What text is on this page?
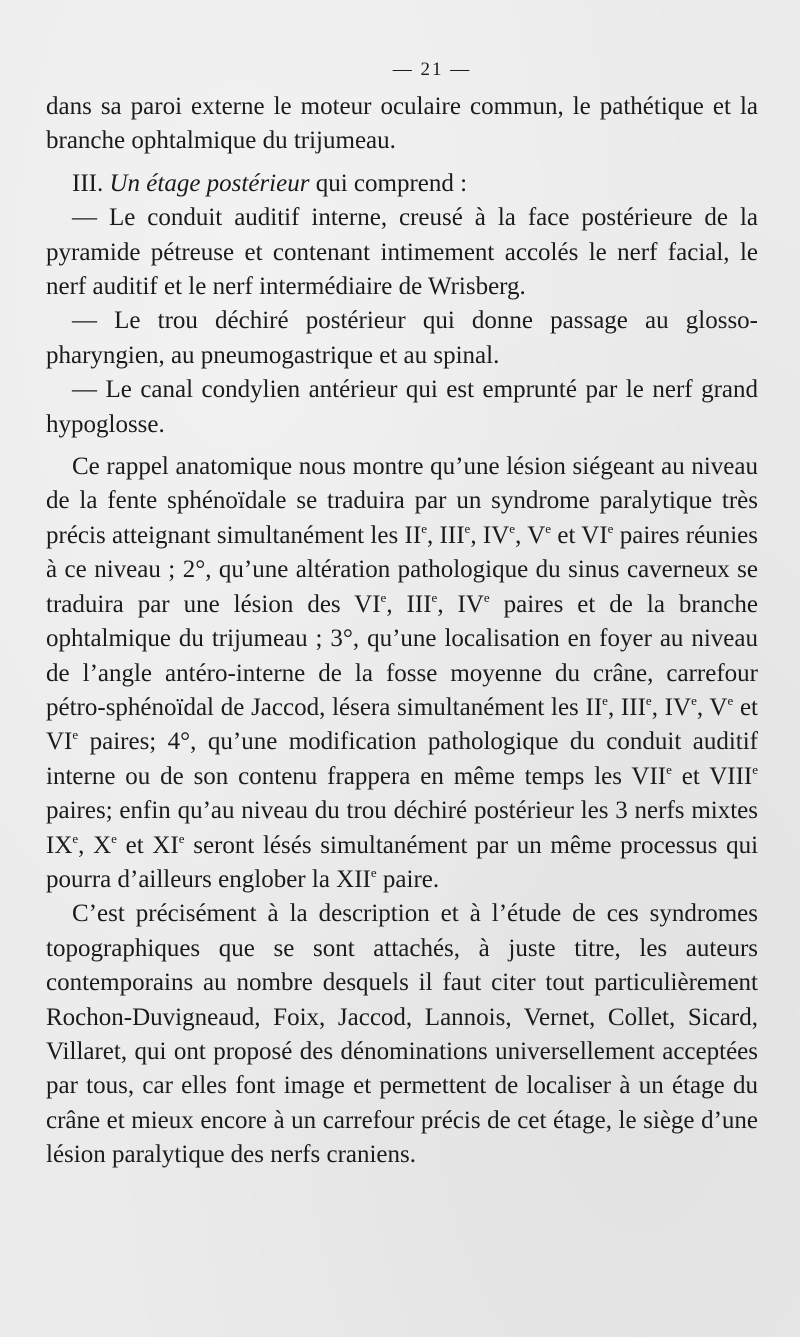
— 21 —

dans sa paroi externe le moteur oculaire commun, le pathétique et la branche ophtalmique du trijumeau.

III. Un étage postérieur qui comprend :

— Le conduit auditif interne, creusé à la face postérieure de la pyramide pétreuse et contenant intimement accolés le nerf facial, le nerf auditif et le nerf intermédiaire de Wrisberg.

— Le trou déchiré postérieur qui donne passage au glosso-pharyngien, au pneumogastrique et au spinal.

— Le canal condylien antérieur qui est emprunté par le nerf grand hypoglosse.

Ce rappel anatomique nous montre qu’une lésion siégeant au niveau de la fente sphénoïdale se traduira par un syndrome paralytique très précis atteignant simultanément les IIe, IIIe, IVe, Ve et VIe paires réunies à ce niveau ; 2°, qu’une altération pathologique du sinus caverneux se traduira par une lésion des VIe, IIIe, IVe paires et de la branche ophtalmique du trijumeau ; 3°, qu’une localisation en foyer au niveau de l’angle antéro-interne de la fosse moyenne du crâne, carrefour pétro-sphénoïdal de Jaccod, lésera simultanément les IIe, IIIe, IVe, Ve et VIe paires; 4°, qu’une modification pathologique du conduit auditif interne ou de son contenu frappera en même temps les VIIe et VIIIe paires; enfin qu’au niveau du trou déchiré postérieur les 3 nerfs mixtes IXe, Xe et XIe seront lésés simultanément par un même processus qui pourra d’ailleurs englober la XIIe paire.

C’est précisément à la description et à l’étude de ces syndromes topographiques que se sont attachés, à juste titre, les auteurs contemporains au nombre desquels il faut citer tout particulièrement Rochon-Duvigneaud, Foix, Jaccod, Lannois, Vernet, Collet, Sicard, Villaret, qui ont proposé des dénominations universellement acceptées par tous, car elles font image et permettent de localiser à un étage du crâne et mieux encore à un carrefour précis de cet étage, le siège d’une lésion paralytique des nerfs craniens.
